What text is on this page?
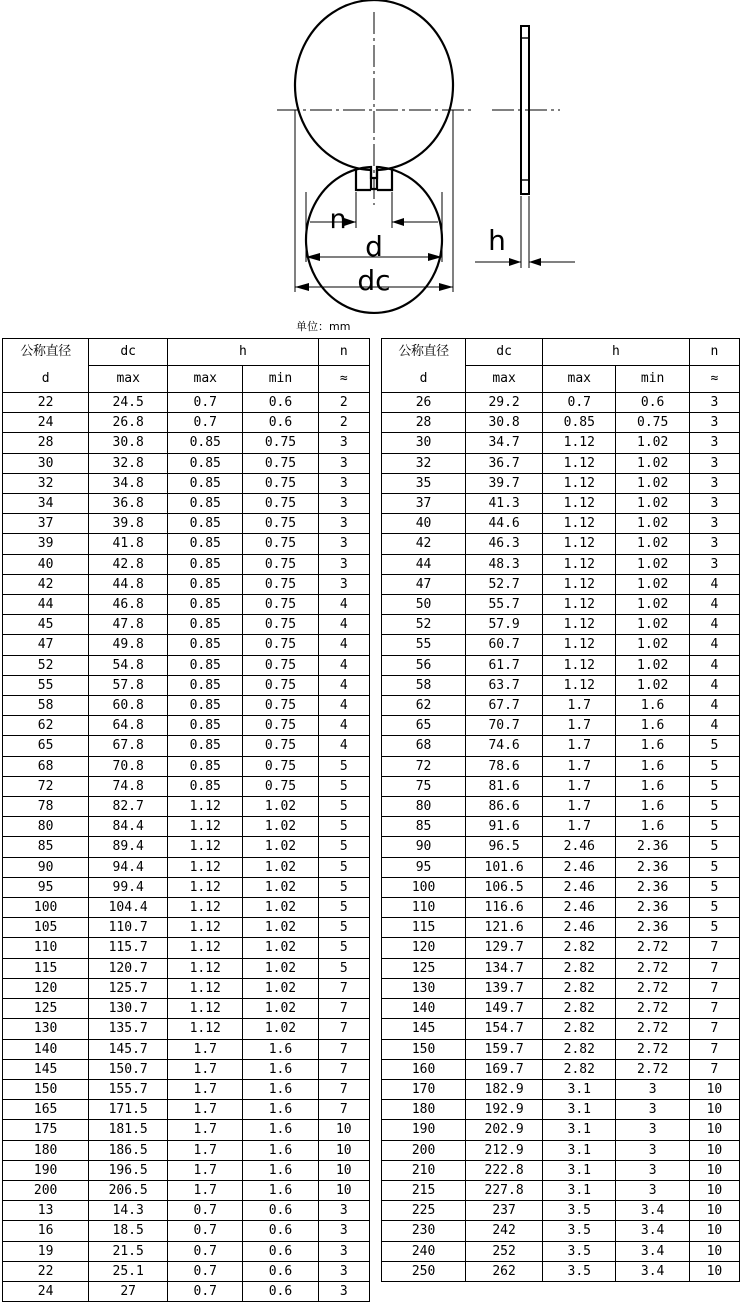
n
d
dc
h
单位：mm
公称直径	dc	h		n
d	max	max	min	≈
22	24.5	0.7	0.6	2
24	26.8	0.7	0.6	2
28	30.8	0.85	0.75	3
30	32.8	0.85	0.75	3
32	34.8	0.85	0.75	3
34	36.8	0.85	0.75	3
37	39.8	0.85	0.75	3
39	41.8	0.85	0.75	3
40	42.8	0.85	0.75	3
42	44.8	0.85	0.75	3
44	46.8	0.85	0.75	4
45	47.8	0.85	0.75	4
47	49.8	0.85	0.75	4
52	54.8	0.85	0.75	4
55	57.8	0.85	0.75	4
58	60.8	0.85	0.75	4
62	64.8	0.85	0.75	4
65	67.8	0.85	0.75	4
68	70.8	0.85	0.75	5
72	74.8	0.85	0.75	5
78	82.7	1.12	1.02	5
80	84.4	1.12	1.02	5
85	89.4	1.12	1.02	5
90	94.4	1.12	1.02	5
95	99.4	1.12	1.02	5
100	104.4	1.12	1.02	5
105	110.7	1.12	1.02	5
110	115.7	1.12	1.02	5
115	120.7	1.12	1.02	5
120	125.7	1.12	1.02	7
125	130.7	1.12	1.02	7
130	135.7	1.12	1.02	7
140	145.7	1.7	1.6	7
145	150.7	1.7	1.6	7
150	155.7	1.7	1.6	7
165	171.5	1.7	1.6	7
175	181.5	1.7	1.6	10
180	186.5	1.7	1.6	10
190	196.5	1.7	1.6	10
200	206.5	1.7	1.6	10
13	14.3	0.7	0.6	3
16	18.5	0.7	0.6	3
19	21.5	0.7	0.6	3
22	25.1	0.7	0.6	3
24	27	0.7	0.6	3
公称直径	dc	h		n
d	max	max	min	≈
26	29.2	0.7	0.6	3
28	30.8	0.85	0.75	3
30	34.7	1.12	1.02	3
32	36.7	1.12	1.02	3
35	39.7	1.12	1.02	3
37	41.3	1.12	1.02	3
40	44.6	1.12	1.02	3
42	46.3	1.12	1.02	3
44	48.3	1.12	1.02	3
47	52.7	1.12	1.02	4
50	55.7	1.12	1.02	4
52	57.9	1.12	1.02	4
55	60.7	1.12	1.02	4
56	61.7	1.12	1.02	4
58	63.7	1.12	1.02	4
62	67.7	1.7	1.6	4
65	70.7	1.7	1.6	4
68	74.6	1.7	1.6	5
72	78.6	1.7	1.6	5
75	81.6	1.7	1.6	5
80	86.6	1.7	1.6	5
85	91.6	1.7	1.6	5
90	96.5	2.46	2.36	5
95	101.6	2.46	2.36	5
100	106.5	2.46	2.36	5
110	116.6	2.46	2.36	5
115	121.6	2.46	2.36	5
120	129.7	2.82	2.72	7
125	134.7	2.82	2.72	7
130	139.7	2.82	2.72	7
140	149.7	2.82	2.72	7
145	154.7	2.82	2.72	7
150	159.7	2.82	2.72	7
160	169.7	2.82	2.72	7
170	182.9	3.1	3	10
180	192.9	3.1	3	10
190	202.9	3.1	3	10
200	212.9	3.1	3	10
210	222.8	3.1	3	10
215	227.8	3.1	3	10
225	237	3.5	3.4	10
230	242	3.5	3.4	10
240	252	3.5	3.4	10
250	262	3.5	3.4	10
